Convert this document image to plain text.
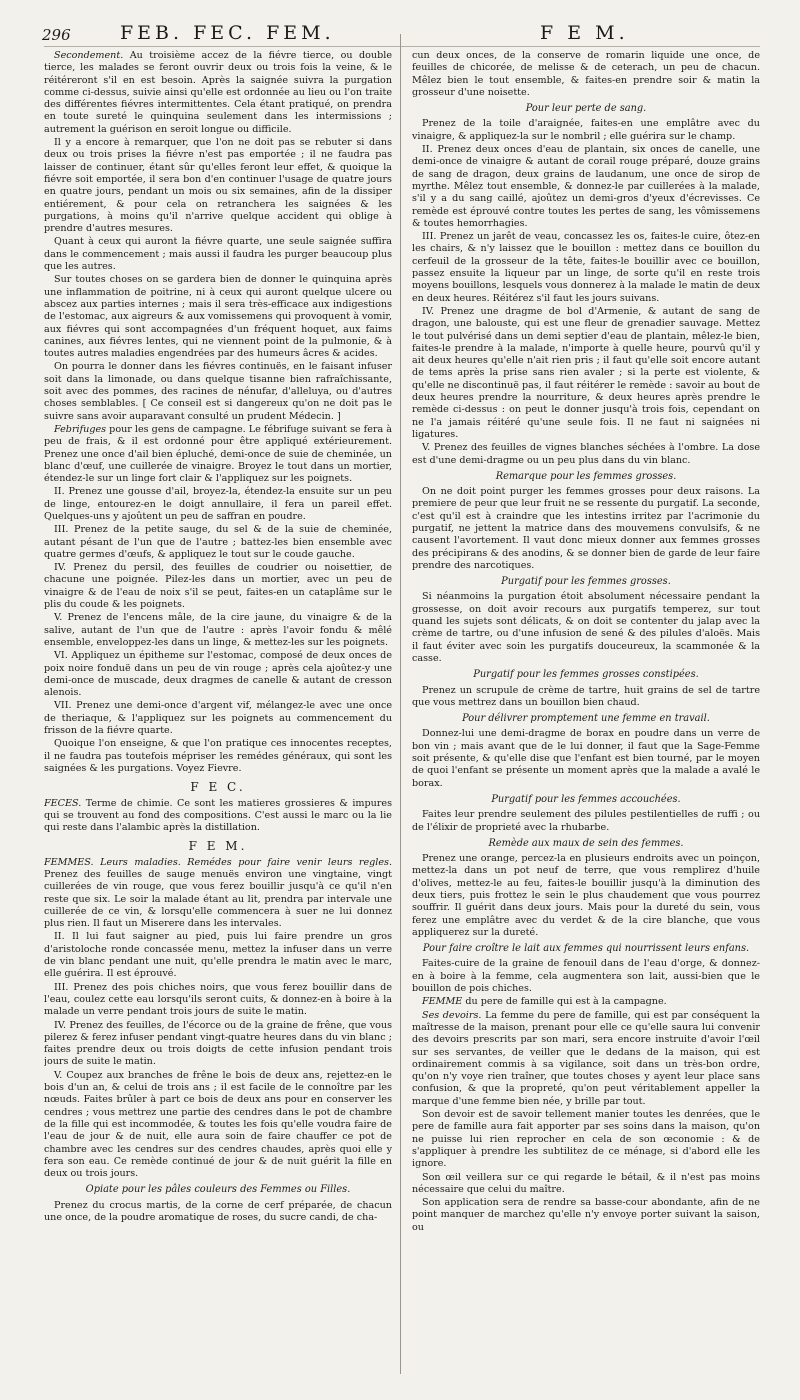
296	FEB. FEC. FEM.	F E M.

Secondement. Au troisième accez de la fiévre tierce, ou double tierce, les malades se feront ouvrir deux ou trois fois la veine, & le réitéreront s'il en est besoin. Après la saignée suivra la purgation comme ci-dessus, suivie ainsi qu'elle est ordonnée au lieu ou l'on traite des différentes fiévres intermittentes. Cela étant pratiqué, on prendra en toute sureté le quinquina seulement dans les intermissions ; autrement la guérison en seroit longue ou difficile.

Il y a encore à remarquer, que l'on ne doit pas se rebuter si dans deux ou trois prises la fiévre n'est pas emportée ; il ne faudra pas laisser de continuer, étant sûr qu'elles feront leur effet, & quoique la fiévre soit emportée, il sera bon d'en continuer l'usage de quatre jours en quatre jours, pendant un mois ou six semaines, afin de la dissiper entiérement, & pour cela on retranchera les saignées & les purgations, à moins qu'il n'arrive quelque accident qui oblige à prendre d'autres mesures.

Quant à ceux qui auront la fiévre quarte, une seule saignée suffira dans le commencement ; mais aussi il faudra les purger beaucoup plus que les autres.

Sur toutes choses on se gardera bien de donner le quinquina après une inflammation de poitrine, ni à ceux qui auront quelque ulcere ou abscez aux parties internes ; mais il sera très-efficace aux indigestions de l'estomac, aux aigreurs & aux vomissemens qui provoquent à vomir, aux fiévres qui sont accompagnées d'un fréquent hoquet, aux faims canines, aux fiévres lentes, qui ne viennent point de la pulmonie, & à toutes autres maladies engendrées par des humeurs âcres & acides.

On pourra le donner dans les fiévres continuës, en le faisant infuser soit dans la limonade, ou dans quelque tisanne bien rafraîchissante, soit avec des pommes, des racines de nénufar, d'alleluya, ou d'autres choses semblables. [ Ce conseil est si dangereux qu'on ne doit pas le suivre sans avoir auparavant consulté un prudent Médecin. ]

Febrifuges pour les gens de campagne. Le fébrifuge suivant se fera à peu de frais, & il est ordonné pour être appliqué extérieurement. Prenez une once d'ail bien épluché, demi-once de suie de cheminée, un blanc d'œuf, une cuillerée de vinaigre. Broyez le tout dans un mortier, étendez-le sur un linge fort clair & l'appliquez sur les poignets.

II. Prenez une gousse d'ail, broyez-la, étendez-la ensuite sur un peu de linge, entourez-en le doigt annullaire, il fera un pareil effet. Quelques-uns y ajoûtent un peu de saffran en poudre.

III. Prenez de la petite sauge, du sel & de la suie de cheminée, autant pésant de l'un que de l'autre ; battez-les bien ensemble avec quatre germes d'œufs, & appliquez le tout sur le coude gauche.

IV. Prenez du persil, des feuilles de coudrier ou noisettier, de chacune une poignée. Pilez-les dans un mortier, avec un peu de vinaigre & de l'eau de noix s'il se peut, faites-en un cataplâme sur le plis du coude & les poignets.

V. Prenez de l'encens mâle, de la cire jaune, du vinaigre & de la salive, autant de l'un que de l'autre : après l'avoir fondu & mêlé ensemble, enveloppez-les dans un linge, & mettez-les sur les poignets.

VI. Appliquez un épitheme sur l'estomac, composé de deux onces de poix noire fonduë dans un peu de vin rouge ; après cela ajoûtez-y une demi-once de muscade, deux dragmes de canelle & autant de cresson alenois.

VII. Prenez une demi-once d'argent vif, mélangez-le avec une once de theriaque, & l'appliquez sur les poignets au commencement du frisson de la fiévre quarte.

Quoique l'on enseigne, & que l'on pratique ces innocentes receptes, il ne faudra pas toutefois mépriser les remédes généraux, qui sont les saignées & les purgations. Voyez Fievre.

F E C.

FECES. Terme de chimie. Ce sont les matieres grossieres & impures qui se trouvent au fond des compositions. C'est aussi le marc ou la lie qui reste dans l'alambic après la distillation.

F E M.

FEMMES. Leurs maladies. Remédes pour faire venir leurs regles. Prenez des feuilles de sauge menuës environ une vingtaine, vingt cuillerées de vin rouge, que vous ferez bouillir jusqu'à ce qu'il n'en reste que six. Le soir la malade étant au lit, prendra par intervale une cuillerée de ce vin, & lorsqu'elle commencera à suer ne lui donnez plus rien. Il faut un Miserere dans les intervales.

II. Il lui faut saigner au pied, puis lui faire prendre un gros d'aristoloche ronde concassée menu, mettez la infuser dans un verre de vin blanc pendant une nuit, qu'elle prendra le matin avec le marc, elle guérira. Il est éprouvé.

III. Prenez des pois chiches noirs, que vous ferez bouillir dans de l'eau, coulez cette eau lorsqu'ils seront cuits, & donnez-en à boire à la malade un verre pendant trois jours de suite le matin.

IV. Prenez des feuilles, de l'écorce ou de la graine de frêne, que vous pilerez & ferez infuser pendant vingt-quatre heures dans du vin blanc ; faites prendre deux ou trois doigts de cette infusion pendant trois jours de suite le matin.

V. Coupez aux branches de frêne le bois de deux ans, rejettez-en le bois d'un an, & celui de trois ans ; il est facile de le connoître par les nœuds. Faites brûler à part ce bois de deux ans pour en conserver les cendres ; vous mettrez une partie des cendres dans le pot de chambre de la fille qui est incommodée, & toutes les fois qu'elle voudra faire de l'eau de jour & de nuit, elle aura soin de faire chauffer ce pot de chambre avec les cendres sur des cendres chaudes, après quoi elle y fera son eau. Ce remède continué de jour & de nuit guérit la fille en deux ou trois jours.

Opiate pour les pâles couleurs des Femmes ou Filles.

Prenez du crocus martis, de la corne de cerf préparée, de chacun une once, de la poudre aromatique de roses, du sucre candi, de cha-

cun deux onces, de la conserve de romarin liquide une once, de feuilles de chicorée, de melisse & de ceterach, un peu de chacun. Mêlez bien le tout ensemble, & faites-en prendre soir & matin la grosseur d'une noisette.

Pour leur perte de sang.

Prenez de la toile d'araignée, faites-en une emplâtre avec du vinaigre, & appliquez-la sur le nombril ; elle guérira sur le champ.

II. Prenez deux onces d'eau de plantain, six onces de canelle, une demi-once de vinaigre & autant de corail rouge préparé, douze grains de sang de dragon, deux grains de laudanum, une once de sirop de myrthe. Mêlez tout ensemble, & donnez-le par cuillerées à la malade, s'il y a du sang caillé, ajoûtez un demi-gros d'yeux d'écrevisses. Ce remède est éprouvé contre toutes les pertes de sang, les vômissemens & toutes hemorrhagies.

III. Prenez un jarêt de veau, concassez les os, faites-le cuire, ôtez-en les chairs, & n'y laissez que le bouillon : mettez dans ce bouillon du cerfeuil de la grosseur de la tête, faites-le bouillir avec ce bouillon, passez ensuite la liqueur par un linge, de sorte qu'il en reste trois moyens bouillons, lesquels vous donnerez à la malade le matin de deux en deux heures. Réitérez s'il faut les jours suivans.

IV. Prenez une dragme de bol d'Armenie, & autant de sang de dragon, une balouste, qui est une fleur de grenadier sauvage. Mettez le tout pulvérisé dans un demi septier d'eau de plantain, mêlez-le bien, faites-le prendre à la malade, n'importe à quelle heure, pourvû qu'il y ait deux heures qu'elle n'ait rien pris ; il faut qu'elle soit encore autant de tems après la prise sans rien avaler ; si la perte est violente, & qu'elle ne discontinuë pas, il faut réitérer le remède : savoir au bout de deux heures prendre la nourriture, & deux heures après prendre le remède ci-dessus : on peut le donner jusqu'à trois fois, cependant on ne l'a jamais réitéré qu'une seule fois. Il ne faut ni saignées ni ligatures.

V. Prenez des feuilles de vignes blanches séchées à l'ombre. La dose est d'une demi-dragme ou un peu plus dans du vin blanc.

Remarque pour les femmes grosses.

On ne doit point purger les femmes grosses pour deux raisons. La premiere de peur que leur fruit ne se ressente du purgatif. La seconde, c'est qu'il est à craindre que les intestins irritez par l'acrimonie du purgatif, ne jettent la matrice dans des mouvemens convulsifs, & ne causent l'avortement. Il vaut donc mieux donner aux femmes grosses des précipirans & des anodins, & se donner bien de garde de leur faire prendre des narcotiques.

Purgatif pour les femmes grosses.

Si néanmoins la purgation étoit absolument nécessaire pendant la grossesse, on doit avoir recours aux purgatifs temperez, sur tout quand les sujets sont délicats, & on doit se contenter du jalap avec la crème de tartre, ou d'une infusion de sené & des pilules d'aloës. Mais il faut éviter avec soin les purgatifs douceureux, la scammonée & la casse.

Purgatif pour les femmes grosses constipées.

Prenez un scrupule de crème de tartre, huit grains de sel de tartre que vous mettrez dans un bouillon bien chaud.

Pour délivrer promptement une femme en travail.

Donnez-lui une demi-dragme de borax en poudre dans un verre de bon vin ; mais avant que de le lui donner, il faut que la Sage-Femme soit présente, & qu'elle dise que l'enfant est bien tourné, par le moyen de quoi l'enfant se présente un moment après que la malade a avalé le borax.

Purgatif pour les femmes accouchées.

Faites leur prendre seulement des pilules pestilentielles de ruffi ; ou de l'élixir de proprieté avec la rhubarbe.

Remède aux maux de sein des femmes.

Prenez une orange, percez-la en plusieurs endroits avec un poinçon, mettez-la dans un pot neuf de terre, que vous remplirez d'huile d'olives, mettez-le au feu, faites-le bouillir jusqu'à la diminution des deux tiers, puis frottez le sein le plus chaudement que vous pourrez souffrir. Il guérit dans deux jours. Mais pour la dureté du sein, vous ferez une emplâtre avec du verdet & de la cire blanche, que vous appliquerez sur la dureté.

Pour faire croître le lait aux femmes qui nourrissent leurs enfans.

Faites-cuire de la graine de fenouil dans de l'eau d'orge, & donnez-en à boire à la femme, cela augmentera son lait, aussi-bien que le bouillon de pois chiches.

FEMME du pere de famille qui est à la campagne.

Ses devoirs. La femme du pere de famille, qui est par conséquent la maîtresse de la maison, prenant pour elle ce qu'elle saura lui convenir des devoirs prescrits par son mari, sera encore instruite d'avoir l'œil sur ses servantes, de veiller que le dedans de la maison, qui est ordinairement commis à sa vigilance, soit dans un très-bon ordre, qu'on n'y voye rien traîner, que toutes choses y ayent leur place sans confusion, & que la propreté, qu'on peut véritablement appeller la marque d'une femme bien née, y brille par tout.

Son devoir est de savoir tellement manier toutes les denrées, que le pere de famille aura fait apporter par ses soins dans la maison, qu'on ne puisse lui rien reprocher en cela de son œconomie : & de s'appliquer à prendre les subtilitez de ce ménage, si d'abord elle les ignore.

Son œil veillera sur ce qui regarde le bétail, & il n'est pas moins nécessaire que celui du maître.

Son application sera de rendre sa basse-cour abondante, afin de ne point manquer de marchez qu'elle n'y envoye porter suivant la saison, ou
